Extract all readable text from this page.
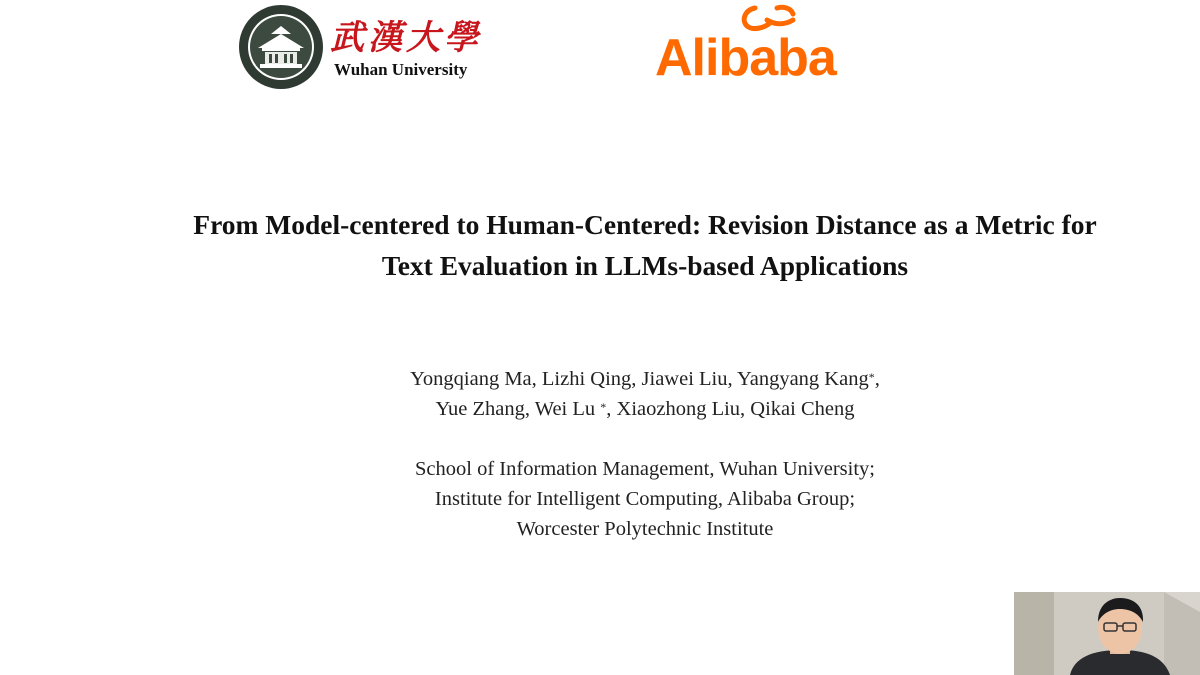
武漢大學
Wuhan University	Alibaba
From Model-centered to Human-Centered: Revision Distance as a Metric for
Text Evaluation in LLMs-based Applications
Yongqiang Ma, Lizhi Qing, Jiawei Liu, Yangyang Kang*,
Yue Zhang, Wei Lu *, Xiaozhong Liu, Qikai Cheng
School of Information Management, Wuhan University;
Institute for Intelligent Computing, Alibaba Group;
Worcester Polytechnic Institute
